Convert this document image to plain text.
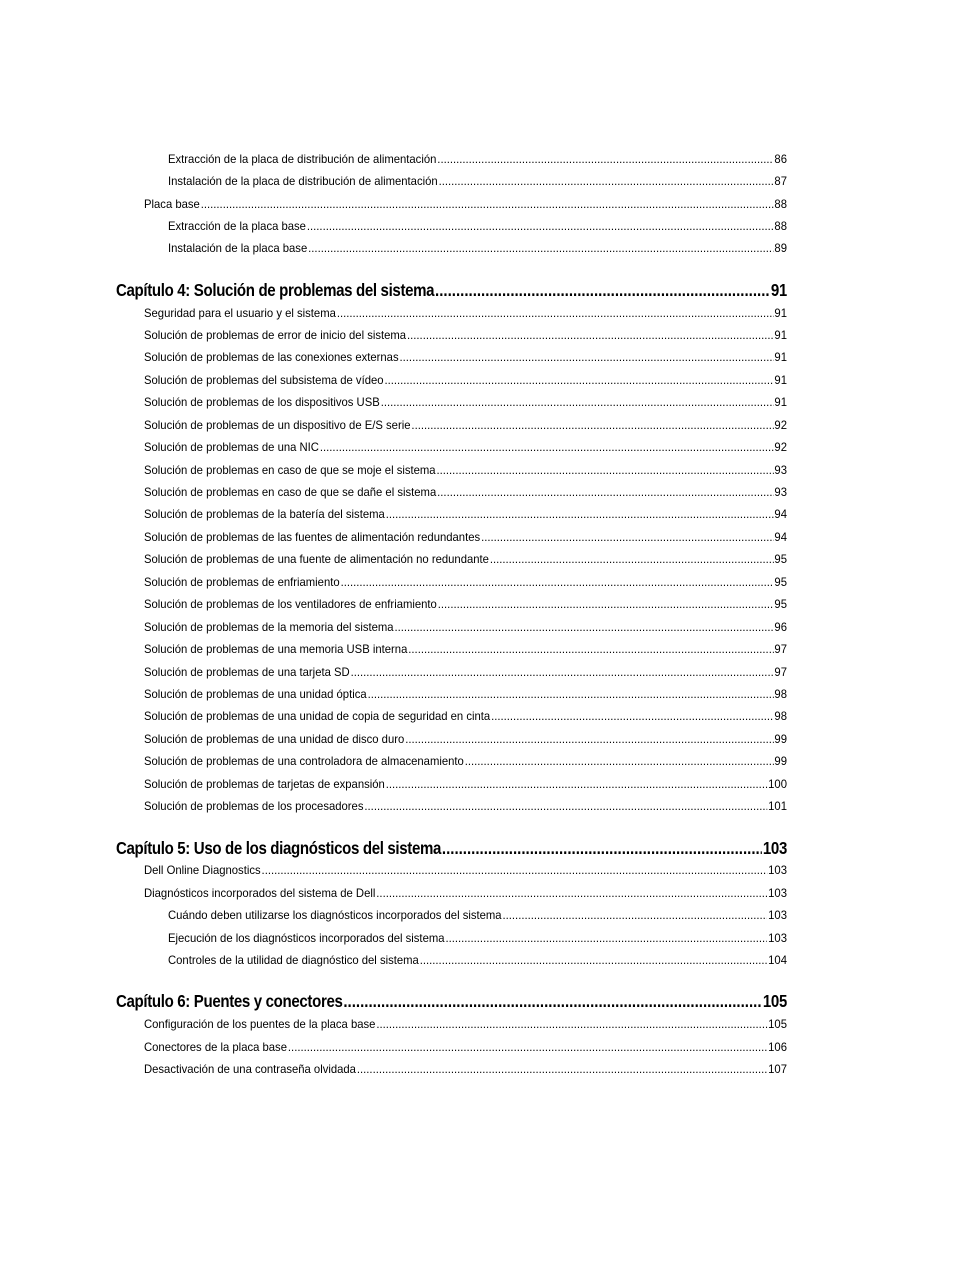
Extracción de la placa de distribución de alimentación .....	86
Instalación de la placa de distribución de alimentación .....	87
Placa base .....	88
Extracción de la placa base .....	88
Instalación de la placa base .....	89
Capítulo 4: Solución de problemas del sistema .....	91
Seguridad para el usuario y el sistema .....	91
Solución de problemas de error de inicio del sistema .....	91
Solución de problemas de las conexiones externas .....	91
Solución de problemas del subsistema de vídeo .....	91
Solución de problemas de los dispositivos USB .....	91
Solución de problemas de un dispositivo de E/S serie .....	92
Solución de problemas de una NIC .....	92
Solución de problemas en caso de que se moje el sistema .....	93
Solución de problemas en caso de que se dañe el sistema .....	93
Solución de problemas de la batería del sistema .....	94
Solución de problemas de las fuentes de alimentación redundantes .....	94
Solución de problemas de una fuente de alimentación no redundante .....	95
Solución de problemas de enfriamiento .....	95
Solución de problemas de los ventiladores de enfriamiento .....	95
Solución de problemas de la memoria del sistema .....	96
Solución de problemas de una memoria USB interna .....	97
Solución de problemas de una tarjeta SD .....	97
Solución de problemas de una unidad óptica .....	98
Solución de problemas de una unidad de copia de seguridad en cinta .....	98
Solución de problemas de una unidad de disco duro .....	99
Solución de problemas de una controladora de almacenamiento .....	99
Solución de problemas de tarjetas de expansión .....	100
Solución de problemas de los procesadores .....	101
Capítulo 5: Uso de los diagnósticos del sistema .....	103
Dell Online Diagnostics .....	103
Diagnósticos incorporados del sistema de Dell .....	103
Cuándo deben utilizarse los diagnósticos incorporados del sistema .....	103
Ejecución de los diagnósticos incorporados del sistema .....	103
Controles de la utilidad de diagnóstico del sistema .....	104
Capítulo 6: Puentes y conectores .....	105
Configuración de los puentes de la placa base .....	105
Conectores de la placa base .....	106
Desactivación de una contraseña olvidada .....	107
